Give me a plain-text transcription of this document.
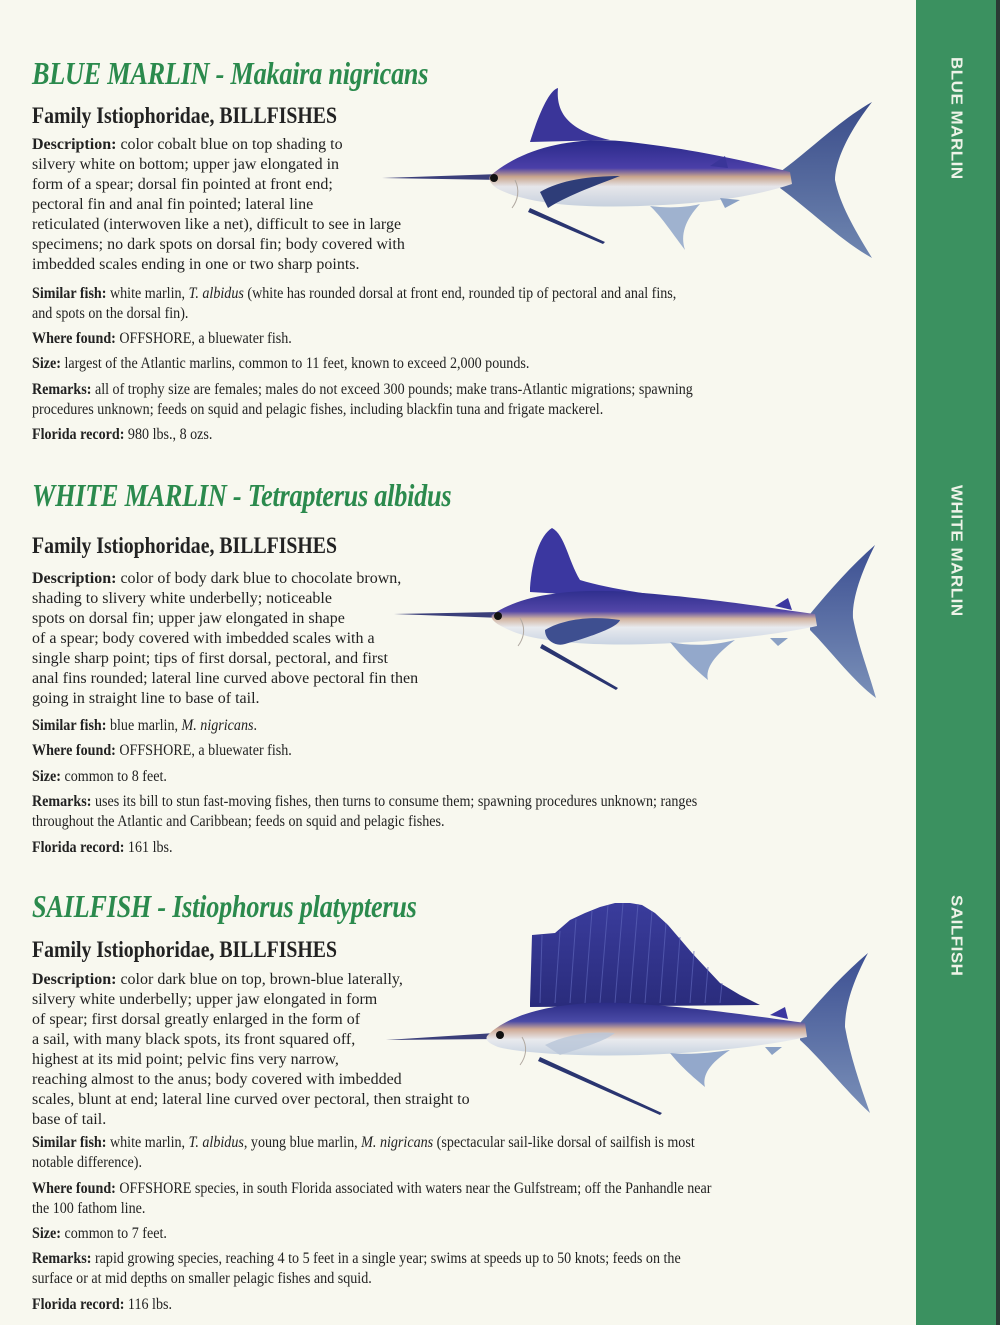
BLUE MARLIN
WHITE MARLIN
SAILFISH
BLUE MARLIN - Makaira nigricans
Family Istiophoridae, BILLFISHES
Description: color cobalt blue on top shading to
silvery white on bottom; upper jaw elongated in
form of a spear; dorsal fin pointed at front end;
pectoral fin and anal fin pointed; lateral line
reticulated (interwoven like a net), difficult to see in large
specimens; no dark spots on dorsal fin; body covered with
imbedded scales ending in one or two sharp points.
Similar fish: white marlin, T. albidus (white has rounded dorsal at front end, rounded tip of pectoral and anal fins,
and spots on the dorsal fin).
Where found: OFFSHORE, a bluewater fish.
Size: largest of the Atlantic marlins, common to 11 feet, known to exceed 2,000 pounds.
Remarks: all of trophy size are females; males do not exceed 300 pounds; make trans-Atlantic migrations; spawning
procedures unknown; feeds on squid and pelagic fishes, including blackfin tuna and frigate mackerel.
Florida record: 980 lbs., 8 ozs.
WHITE MARLIN - Tetrapterus albidus
Family Istiophoridae, BILLFISHES
Description: color of body dark blue to chocolate brown,
shading to slivery white underbelly; noticeable
spots on dorsal fin; upper jaw elongated in shape
of a spear; body covered with imbedded scales with a
single sharp point; tips of first dorsal, pectoral, and first
anal fins rounded; lateral line curved above pectoral fin then
going in straight line to base of tail.
Similar fish: blue marlin, M. nigricans.
Where found: OFFSHORE, a bluewater fish.
Size: common to 8 feet.
Remarks: uses its bill to stun fast-moving fishes, then turns to consume them; spawning procedures unknown; ranges
throughout the Atlantic and Caribbean; feeds on squid and pelagic fishes.
Florida record: 161 lbs.
SAILFISH - Istiophorus platypterus
Family Istiophoridae, BILLFISHES
Description: color dark blue on top, brown-blue laterally,
silvery white underbelly; upper jaw elongated in form
of spear; first dorsal greatly enlarged in the form of
a sail, with many black spots, its front squared off,
highest at its mid point; pelvic fins very narrow,
reaching almost to the anus; body covered with imbedded
scales, blunt at end; lateral line curved over pectoral, then straight to
base of tail.
Similar fish: white marlin, T. albidus, young blue marlin, M. nigricans (spectacular sail-like dorsal of sailfish is most
notable difference).
Where found: OFFSHORE species, in south Florida associated with waters near the Gulfstream; off the Panhandle near
the 100 fathom line.
Size: common to 7 feet.
Remarks: rapid growing species, reaching 4 to 5 feet in a single year; swims at speeds up to 50 knots; feeds on the
surface or at mid depths on smaller pelagic fishes and squid.
Florida record: 116 lbs.
